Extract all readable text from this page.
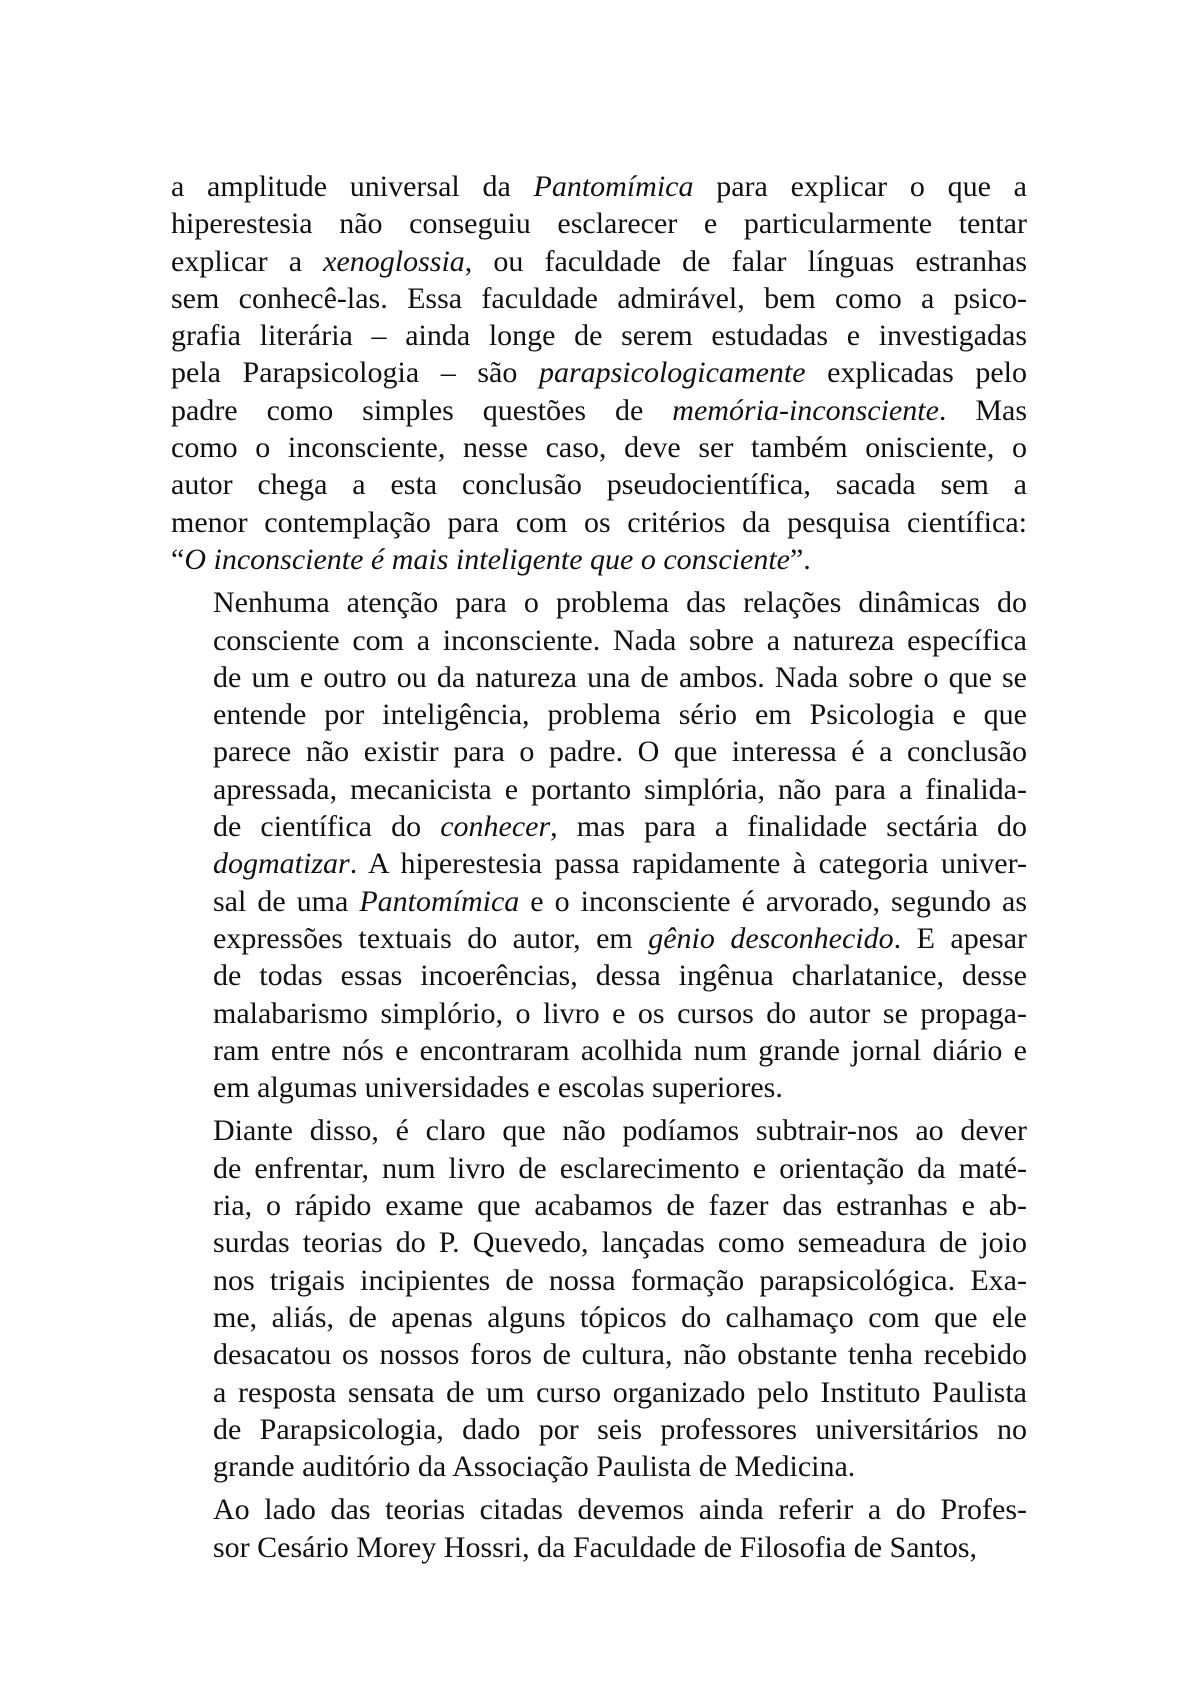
a amplitude universal da Pantomímica para explicar o que a
hiperestesia não conseguiu esclarecer e particularmente tentar
explicar a xenoglossia, ou faculdade de falar línguas estranhas
sem conhecê-las. Essa faculdade admirável, bem como a psico-
grafia literária – ainda longe de serem estudadas e investigadas
pela Parapsicologia – são parapsicologicamente explicadas pelo
padre como simples questões de memória-inconsciente. Mas
como o inconsciente, nesse caso, deve ser também onisciente, o
autor chega a esta conclusão pseudocientífica, sacada sem a
menor contemplação para com os critérios da pesquisa científica:
“O inconsciente é mais inteligente que o consciente”.

Nenhuma atenção para o problema das relações dinâmicas do
consciente com a inconsciente. Nada sobre a natureza específica
de um e outro ou da natureza una de ambos. Nada sobre o que se
entende por inteligência, problema sério em Psicologia e que
parece não existir para o padre. O que interessa é a conclusão
apressada, mecanicista e portanto simplória, não para a finalida-
de científica do conhecer, mas para a finalidade sectária do
dogmatizar. A hiperestesia passa rapidamente à categoria univer-
sal de uma Pantomímica e o inconsciente é arvorado, segundo as
expressões textuais do autor, em gênio desconhecido. E apesar
de todas essas incoerências, dessa ingênua charlatanice, desse
malabarismo simplório, o livro e os cursos do autor se propaga-
ram entre nós e encontraram acolhida num grande jornal diário e
em algumas universidades e escolas superiores.

Diante disso, é claro que não podíamos subtrair-nos ao dever
de enfrentar, num livro de esclarecimento e orientação da maté-
ria, o rápido exame que acabamos de fazer das estranhas e ab-
surdas teorias do P. Quevedo, lançadas como semeadura de joio
nos trigais incipientes de nossa formação parapsicológica. Exa-
me, aliás, de apenas alguns tópicos do calhamaço com que ele
desacatou os nossos foros de cultura, não obstante tenha recebido
a resposta sensata de um curso organizado pelo Instituto Paulista
de Parapsicologia, dado por seis professores universitários no
grande auditório da Associação Paulista de Medicina.

Ao lado das teorias citadas devemos ainda referir a do Profes-
sor Cesário Morey Hossri, da Faculdade de Filosofia de Santos,
